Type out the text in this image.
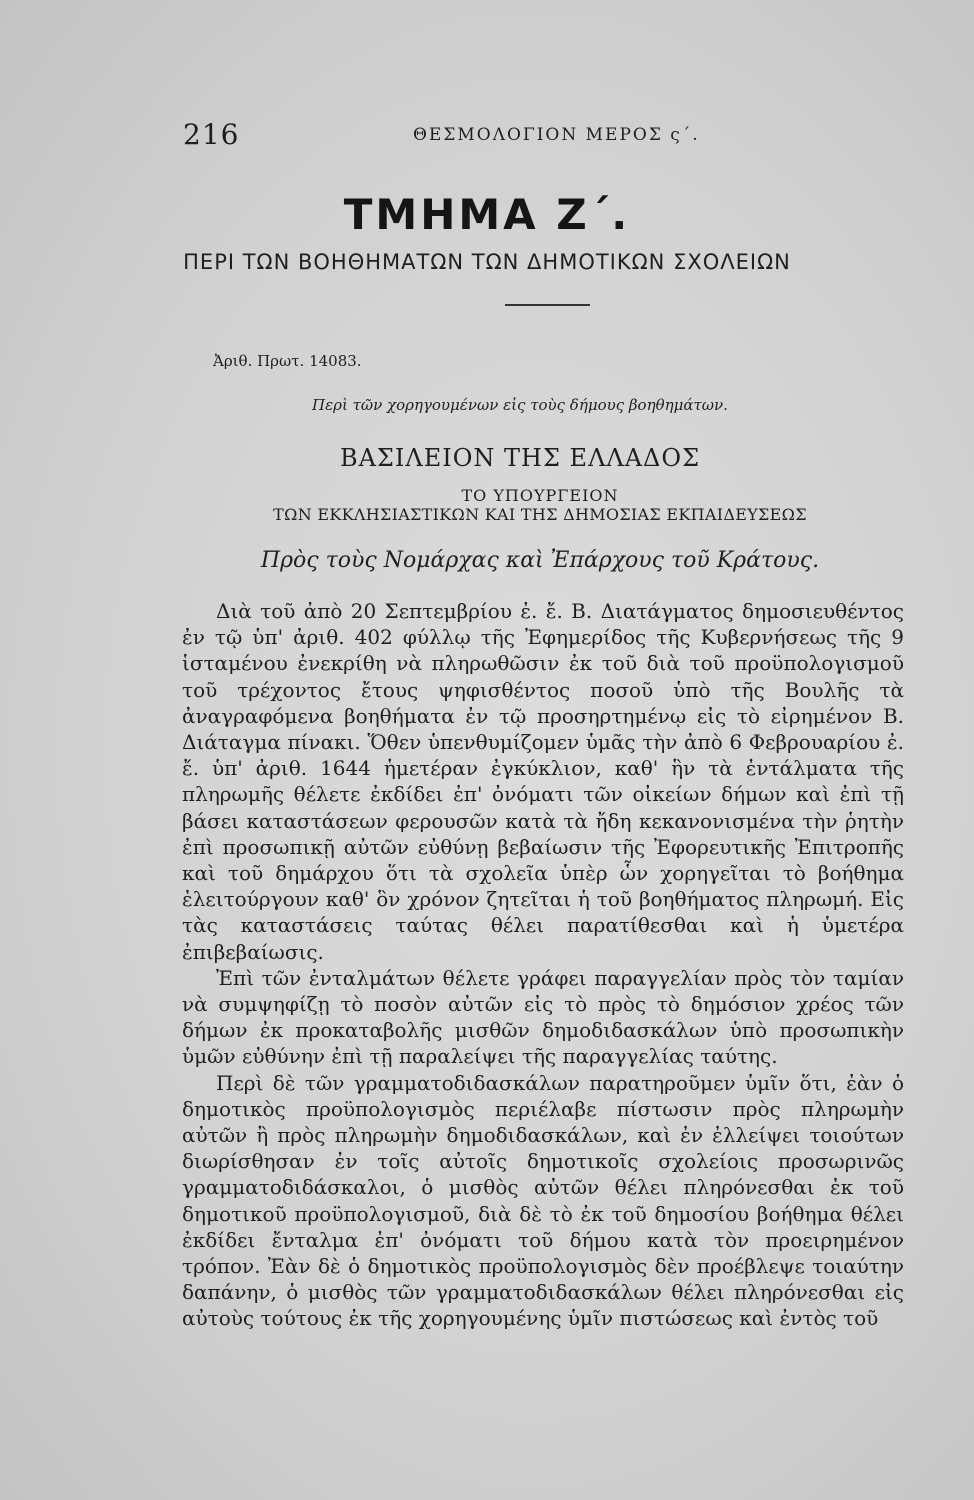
216	ΘΕΣΜΟΛΟΓΙΟΝ ΜΕΡΟΣ ς΄.
ΤΜΗΜΑ Ζ΄.
ΠΕΡΙ ΤΩΝ ΒΟΗΘΗΜΑΤΩΝ ΤΩΝ ΔΗΜΟΤΙΚΩΝ ΣΧΟΛΕΙΩΝ
Ἀριθ. Πρωτ. 14083.
Περὶ τῶν χορηγουμένων εἰς τοὺς δήμους βοηθημάτων.
ΒΑΣΙΛΕΙΟΝ ΤΗΣ ΕΛΛΑΔΟΣ
ΤΟ ΥΠΟΥΡΓΕΙΟΝ
ΤΩΝ ΕΚΚΛΗΣΙΑΣΤΙΚΩΝ ΚΑΙ ΤΗΣ ΔΗΜΟΣΙΑΣ ΕΚΠΑΙΔΕΥΣΕΩΣ
Πρὸς τοὺς Νομάρχας καὶ Ἐπάρχους τοῦ Κράτους.

Διὰ τοῦ ἀπὸ 20 Σεπτεμβρίου ἐ. ἔ. Β. Διατάγματος δημοσιευθέντος ἐν τῷ ὑπ' ἀριθ. 402 φύλλῳ τῆς Ἐφημερίδος τῆς Κυβερνήσεως τῆς 9 ἱσταμένου ἐνεκρίθη νὰ πληρωθῶσιν ἐκ τοῦ διὰ τοῦ προϋπολογισμοῦ τοῦ τρέχοντος ἔτους ψηφισθέντος ποσοῦ ὑπὸ τῆς Βουλῆς τὰ ἀναγραφόμενα βοηθήματα ἐν τῷ προσηρτημένῳ εἰς τὸ εἰρημένον Β. Διάταγμα πίνακι. Ὅθεν ὑπενθυμίζομεν ὑμᾶς τὴν ἀπὸ 6 Φεβρουαρίου ἐ. ἔ. ὑπ' ἀριθ. 1644 ἡμετέραν ἐγκύκλιον, καθ' ἣν τὰ ἐντάλματα τῆς πληρωμῆς θέλετε ἐκδίδει ἐπ' ὀνόματι τῶν οἰκείων δήμων καὶ ἐπὶ τῇ βάσει καταστάσεων φερουσῶν κατὰ τὰ ἤδη κεκανονισμένα τὴν ῥητὴν ἐπὶ προσωπικῇ αὐτῶν εὐθύνῃ βεβαίωσιν τῆς Ἐφορευτικῆς Ἐπιτροπῆς καὶ τοῦ δημάρχου ὅτι τὰ σχολεῖα ὑπὲρ ὧν χορηγεῖται τὸ βοήθημα ἐλειτούργουν καθ' ὃν χρόνον ζητεῖται ἡ τοῦ βοηθήματος πληρωμή. Εἰς τὰς καταστάσεις ταύτας θέλει παρατίθεσθαι καὶ ἡ ὑμετέρα ἐπιβεβαίωσις.

Ἐπὶ τῶν ἐνταλμάτων θέλετε γράφει παραγγελίαν πρὸς τὸν ταμίαν νὰ συμψηφίζῃ τὸ ποσὸν αὐτῶν εἰς τὸ πρὸς τὸ δημόσιον χρέος τῶν δήμων ἐκ προκαταβολῆς μισθῶν δημοδιδασκάλων ὑπὸ προσωπικὴν ὑμῶν εὐθύνην ἐπὶ τῇ παραλείψει τῆς παραγγελίας ταύτης.

Περὶ δὲ τῶν γραμματοδιδασκάλων παρατηροῦμεν ὑμῖν ὅτι, ἐὰν ὁ δημοτικὸς προϋπολογισμὸς περιέλαβε πίστωσιν πρὸς πληρωμὴν αὐτῶν ἢ πρὸς πληρωμὴν δημοδιδασκάλων, καὶ ἐν ἐλλείψει τοιούτων διωρίσθησαν ἐν τοῖς αὐτοῖς δημοτικοῖς σχολείοις προσωρινῶς γραμματοδιδάσκαλοι, ὁ μισθὸς αὐτῶν θέλει πληρόνεσθαι ἐκ τοῦ δημοτικοῦ προϋπολογισμοῦ, διὰ δὲ τὸ ἐκ τοῦ δημοσίου βοήθημα θέλει ἐκδίδει ἔνταλμα ἐπ' ὀνόματι τοῦ δήμου κατὰ τὸν προειρημένον τρόπον. Ἐὰν δὲ ὁ δημοτικὸς προϋπολογισμὸς δὲν προέβλεψε τοιαύτην δαπάνην, ὁ μισθὸς τῶν γραμματοδιδασκάλων θέλει πληρόνεσθαι εἰς αὐτοὺς τούτους ἐκ τῆς χορηγουμένης ὑμῖν πιστώσεως καὶ ἐντὸς τοῦ
